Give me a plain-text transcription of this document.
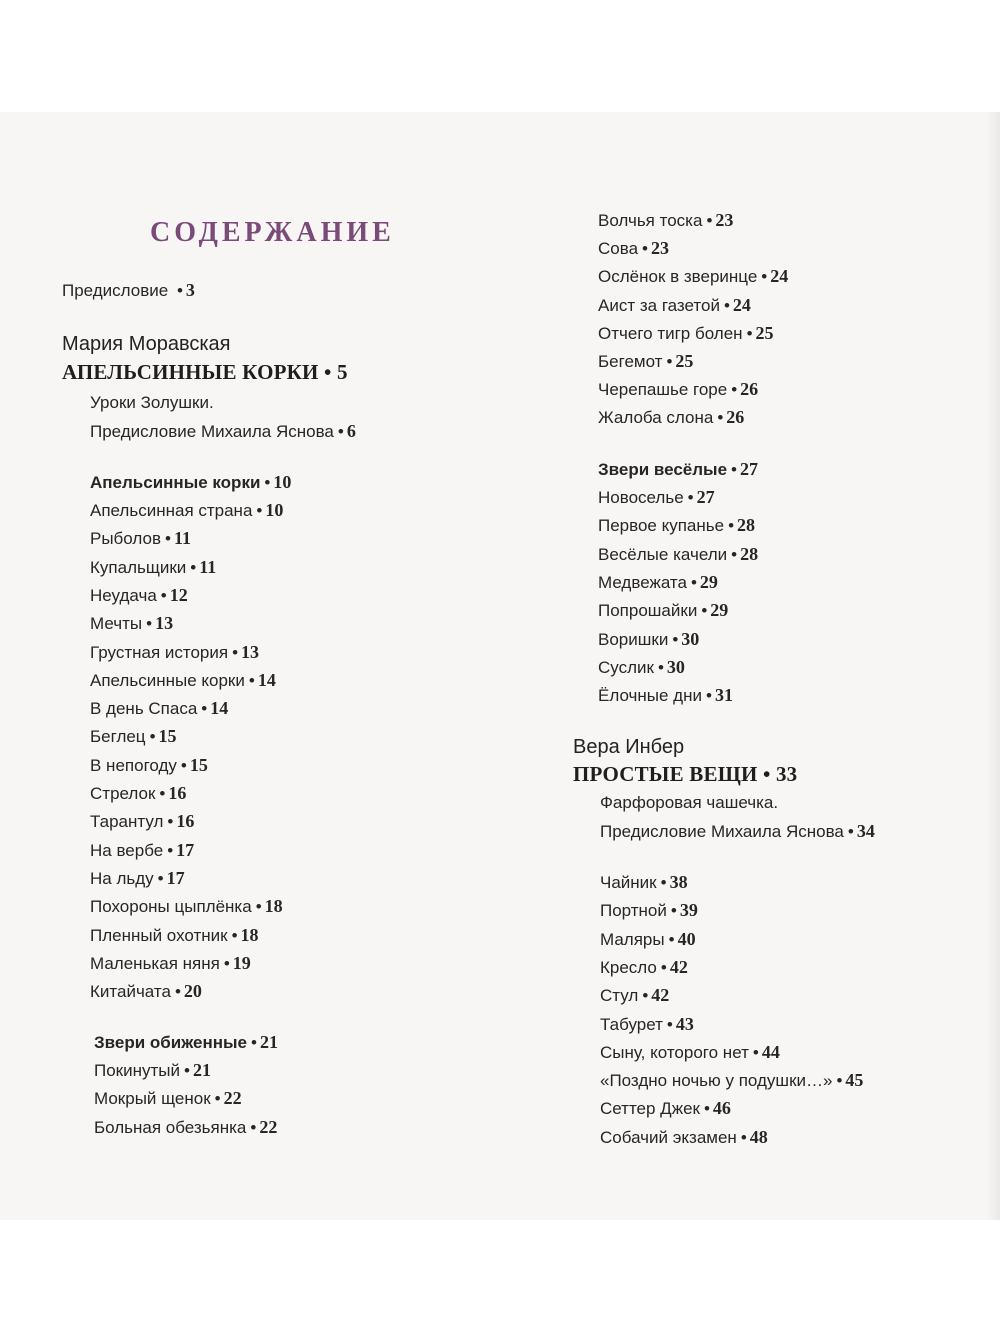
СОДЕРЖАНИЕ
Предисловие • 3
Мария Моравская
АПЕЛЬСИННЫЕ КОРКИ • 5
Уроки Золушки.
Предисловие Михаила Яснова • 6
Апельсинные корки • 10
Апельсинная страна • 10
Рыболов • 11
Купальщики • 11
Неудача • 12
Мечты • 13
Грустная история • 13
Апельсинные корки • 14
В день Спаса • 14
Беглец • 15
В непогоду • 15
Стрелок • 16
Тарантул • 16
На вербе • 17
На льду • 17
Похороны цыплёнка • 18
Пленный охотник • 18
Маленькая няня • 19
Китайчата • 20
Звери обиженные • 21
Покинутый • 21
Мокрый щенок • 22
Больная обезьянка • 22
Волчья тоска • 23
Сова • 23
Ослёнок в зверинце • 24
Аист за газетой • 24
Отчего тигр болен • 25
Бегемот • 25
Черепашье горе • 26
Жалоба слона • 26
Звери весёлые • 27
Новоселье • 27
Первое купанье • 28
Весёлые качели • 28
Медвежата • 29
Попрошайки • 29
Воришки • 30
Суслик • 30
Ёлочные дни • 31
Вера Инбер
ПРОСТЫЕ ВЕЩИ • 33
Фарфоровая чашечка.
Предисловие Михаила Яснова • 34
Чайник • 38
Портной • 39
Маляры • 40
Кресло • 42
Стул • 42
Табурет • 43
Сыну, которого нет • 44
«Поздно ночью у подушки…» • 45
Сеттер Джек • 46
Собачий экзамен • 48
